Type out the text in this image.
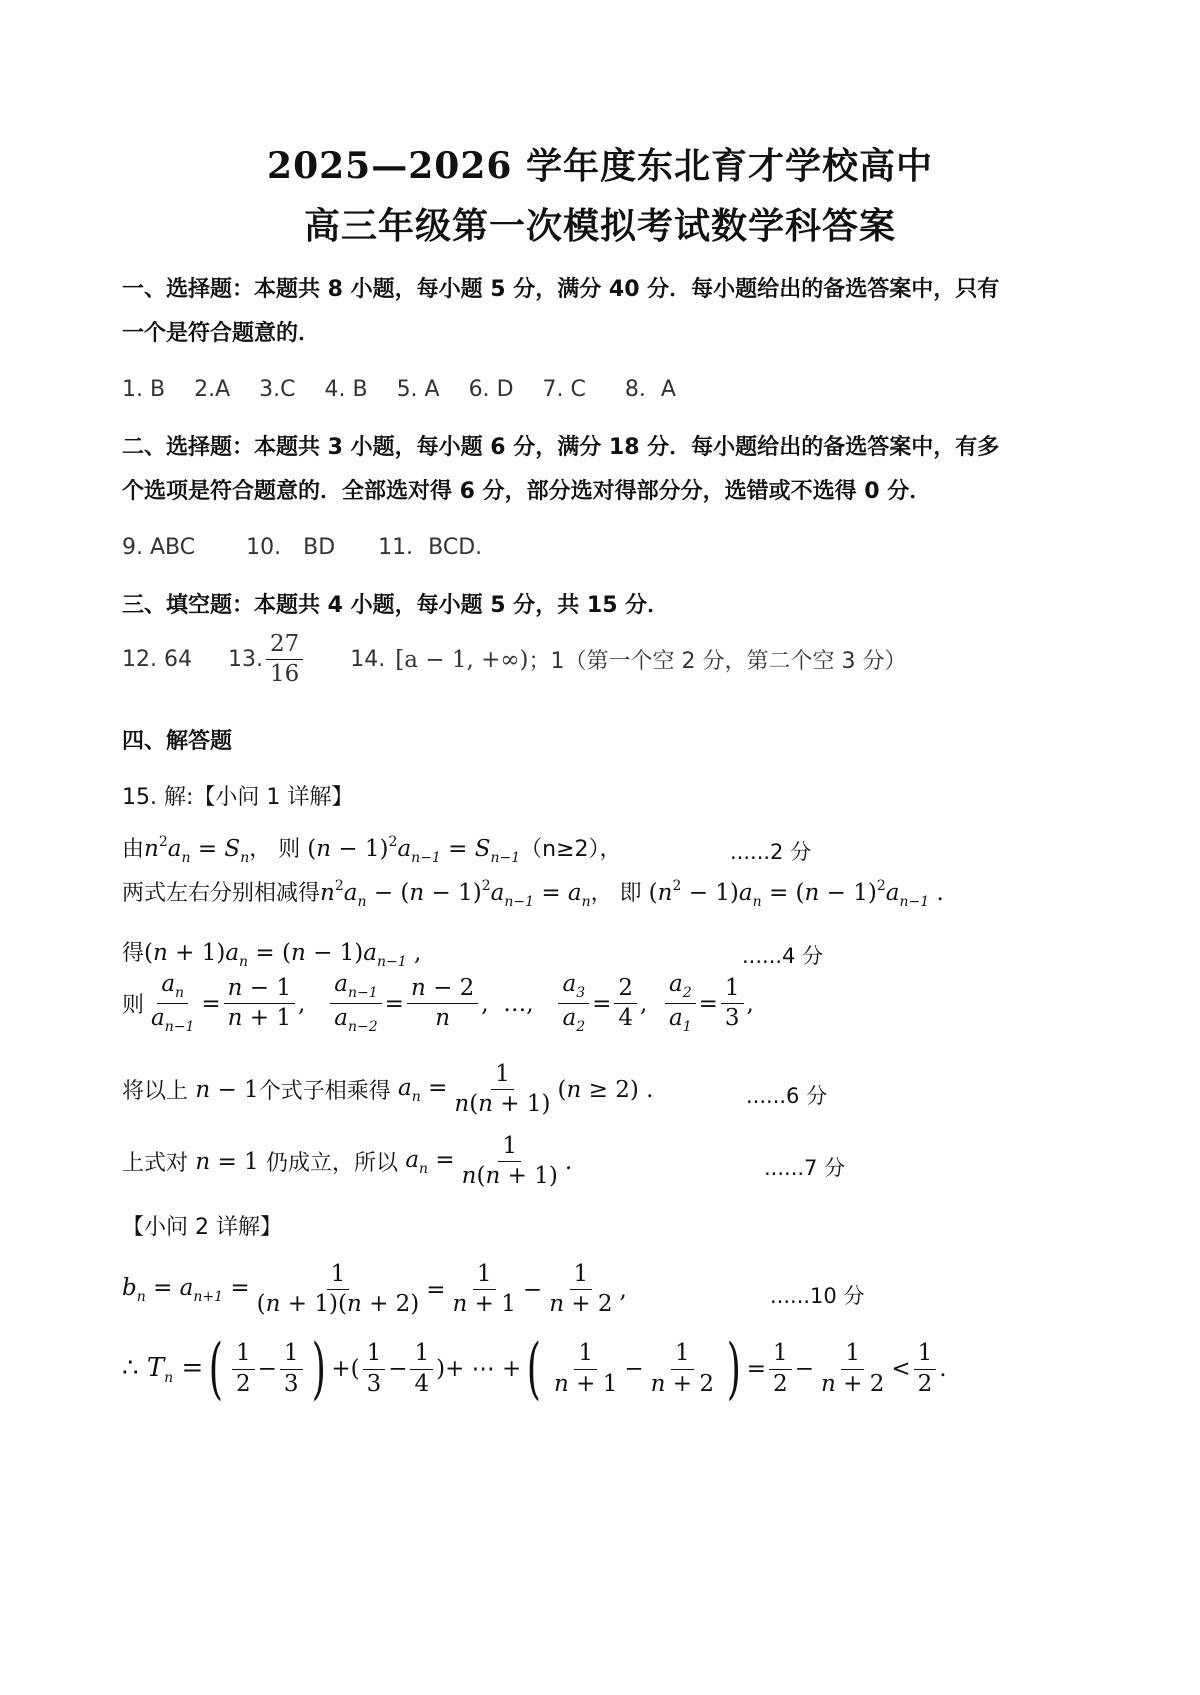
2025—2026 学年度东北育才学校高中
高三年级第一次模拟考试数学科答案
一、选择题：本题共 8 小题，每小题 5 分，满分 40 分．每小题给出的备选答案中，只有
一个是符合题意的．
1. B 2.A 3.C 4. B 5. A 6. D 7. C 8．A
二、选择题：本题共 3 小题，每小题 6 分，满分 18 分．每小题给出的备选答案中，有多
个选项是符合题意的．全部选对得 6 分，部分选对得部分分，选错或不选得 0 分．
9. ABC 10.　BD 11．BCD.
三、填空题：本题共 4 小题，每小题 5 分，共 15 分．
12. 64 13. $\frac{27}{16} 14$. [a − 1, +∞) ；1（第一个空 2 分，第二个空 3 分）
四、解答题
15. 解:【小问 1 详解】
由$n^2a_n = S_n$， 则 $(n - 1)^2a_{n-1} = S_{n-1}(n\ge 2)$，	......2 分
两式左右分别相减得$n^2a_n - (n - 1)^2a_{n-1} = a_n$， 即 $(n^2 - 1)a_n = (n - 1)^2a_{n-1}$ .
得$(n + 1)a_n = (n - 1)a_{n-1}$ ,	......4 分
则 $\frac{a_n}{a_{n-1}} = \frac{n - 1}{n + 1}$ , $\frac{a_{n-1}}{a_{n-2}} = \frac{n - 2}{n}$ ,  …, $\frac{a_3}{a_2} = \frac{2}{4}$ , $\frac{a_2}{a_1} = \frac{1}{3}$ ,
将以上 n − 1 个式子相乘得 $a_n = \frac{1}{n(n + 1)} (n \ge 2)$ .	......6 分
上式对 n = 1 仍成立，所以 $a_n = \frac{1}{n(n + 1)}$ .	......7 分
【小问 2 详解】
$b_n = a_{n+1} = \frac{1}{(n + 1)(n + 2)} = \frac{1}{n + 1} - \frac{1}{n + 2}$ ,	......10 分
∴ $T_n$ = ( $\frac{1}{2} - \frac{1}{3}$ ) +( $\frac{1}{3} - \frac{1}{4}$ )+ ⋯ + ( $\frac{1}{n + 1} - \frac{1}{n + 2}$ ) = $\frac{1}{2} - \frac{1}{n + 2} < \frac{1}{2}$ .
